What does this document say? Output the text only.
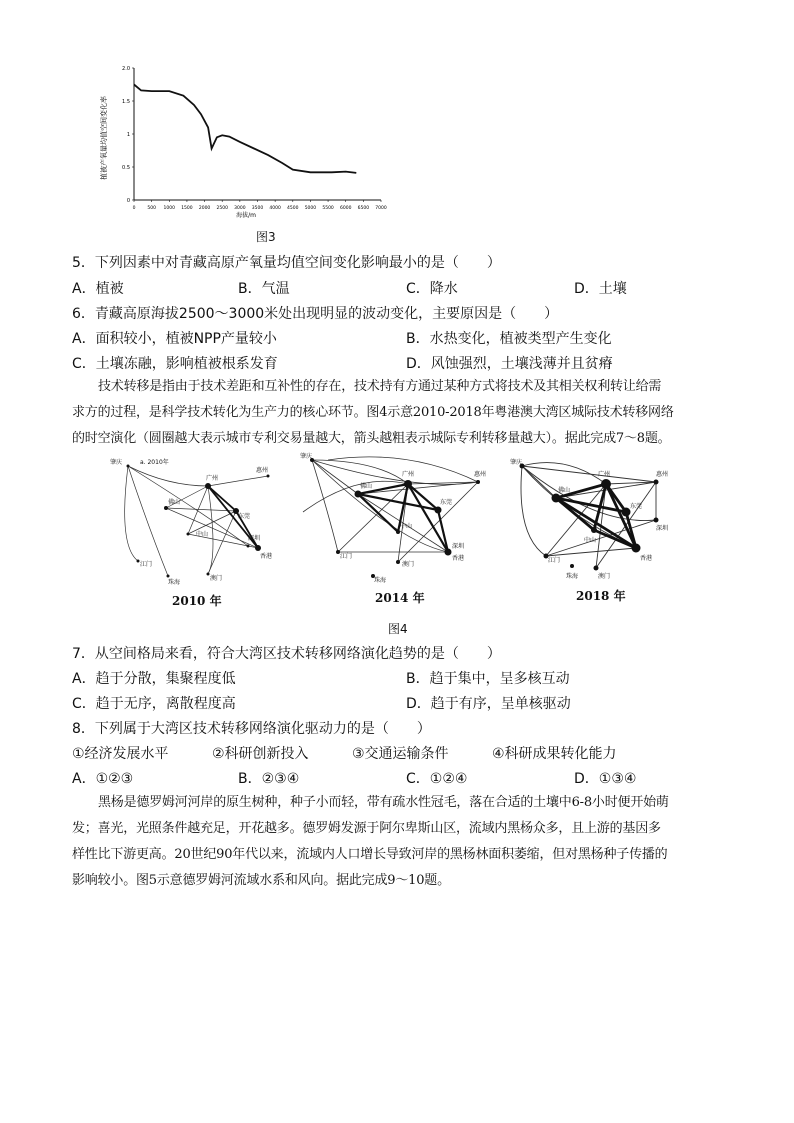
0	500 1000 1500 2000 2500 3000 3500 4000 4500 5000 5500 6000 6500 7000
0
0.5
1
1.5
2.0
海拔/m
植被产氧量均值空间变化率
图3
5．下列因素中对青藏高原产氧量均值空间变化影响最小的是（　　）
A．植被	B．气温	C．降水	D．土壤
6．青藏高原海拔2500～3000米处出现明显的波动变化，主要原因是（　　）
A．面积较小，植被NPP产量较小	B．水热变化，植被类型产生变化
C．土壤冻融，影响植被根系发育	D．风蚀强烈，土壤浅薄并且贫瘠
技术转移是指由于技术差距和互补性的存在，技术持有方通过某种方式将技术及其相关权利转让给需
求方的过程，是科学技术转化为生产力的核心环节。图4示意2010-2018年粤港澳大湾区城际技术转移网络
的时空演化（圆圈越大表示城市专利交易量越大，箭头越粗表示城际专利转移量越大）。据此完成7～8题。
肇庆	a. 2010年
广州
惠州
佛山
东莞
深圳
中山
江门
珠海
澳门
香港
肇庆
广州	惠州
佛山
东莞
深圳
中山
江门
珠海
澳门
香港
肇庆
广州	惠州
佛山
东莞
深圳
中山
江门
珠海	澳门
香港
2010 年	2014 年	2018 年
图4
7．从空间格局来看，符合大湾区技术转移网络演化趋势的是（　　）
A．趋于分散，集聚程度低	B．趋于集中，呈多核互动
C．趋于无序，离散程度高	D．趋于有序，呈单核驱动
8．下列属于大湾区技术转移网络演化驱动力的是（　　）
①经济发展水平	②科研创新投入	③交通运输条件	④科研成果转化能力
A．①②③	B．②③④	C．①②④	D．①③④
黑杨是德罗姆河河岸的原生树种，种子小而轻，带有疏水性冠毛，落在合适的土壤中6-8小时便开始萌
发；喜光，光照条件越充足，开花越多。德罗姆发源于阿尔卑斯山区，流域内黑杨众多，且上游的基因多
样性比下游更高。20世纪90年代以来，流域内人口增长导致河岸的黑杨林面积萎缩，但对黑杨种子传播的
影响较小。图5示意德罗姆河流域水系和风向。据此完成9～10题。
